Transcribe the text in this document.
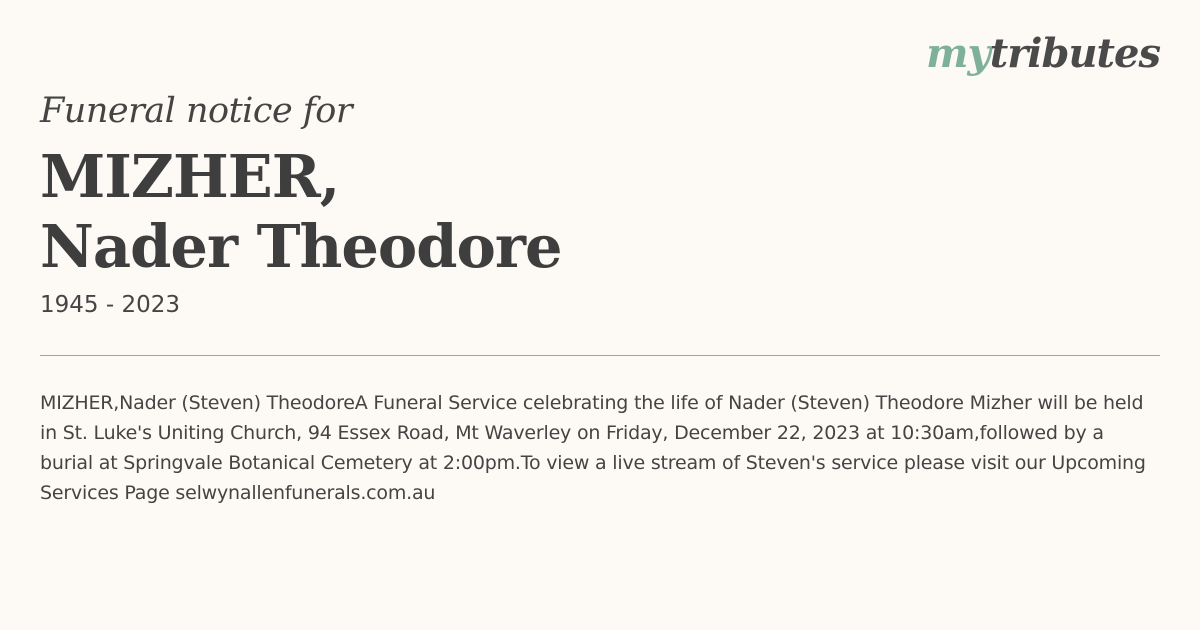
mytributes
Funeral notice for
MIZHER,
Nader Theodore
1945 - 2023
MIZHER,Nader (Steven) TheodoreA Funeral Service celebrating the life of Nader (Steven) Theodore Mizher will be held in St. Luke's Uniting Church, 94 Essex Road, Mt Waverley on Friday, December 22, 2023 at 10:30am,followed by a burial at Springvale Botanical Cemetery at 2:00pm.To view a live stream of Steven's service please visit our Upcoming Services Page selwynallenfunerals.com.au
